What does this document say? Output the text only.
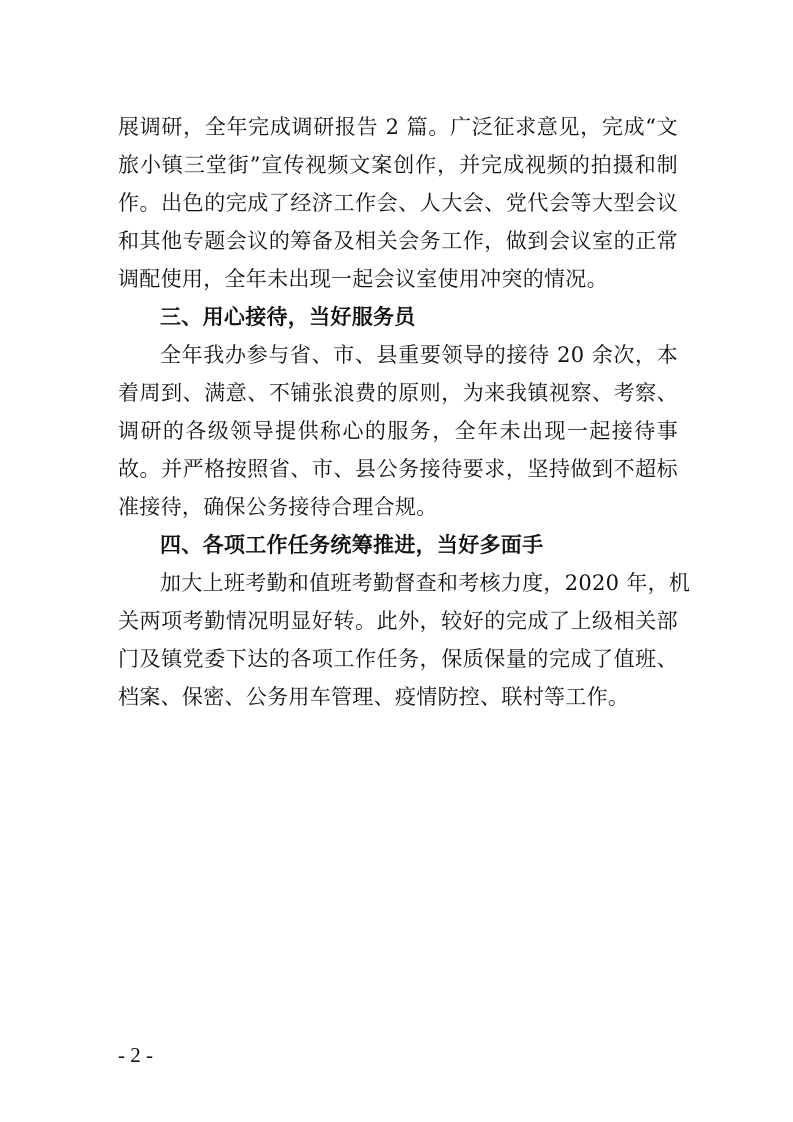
展调研，全年完成调研报告 2 篇。广泛征求意见，完成“文
旅小镇三堂街”宣传视频文案创作，并完成视频的拍摄和制
作。出色的完成了经济工作会、人大会、党代会等大型会议
和其他专题会议的筹备及相关会务工作，做到会议室的正常
调配使用，全年未出现一起会议室使用冲突的情况。
三、用心接待，当好服务员
全年我办参与省、市、县重要领导的接待 20 余次，本
着周到、满意、不铺张浪费的原则，为来我镇视察、考察、
调研的各级领导提供称心的服务，全年未出现一起接待事
故。并严格按照省、市、县公务接待要求，坚持做到不超标
准接待，确保公务接待合理合规。
四、各项工作任务统筹推进，当好多面手
加大上班考勤和值班考勤督查和考核力度，2020 年，机
关两项考勤情况明显好转。此外，较好的完成了上级相关部
门及镇党委下达的各项工作任务，保质保量的完成了值班、
档案、保密、公务用车管理、疫情防控、联村等工作。
- 2 -
